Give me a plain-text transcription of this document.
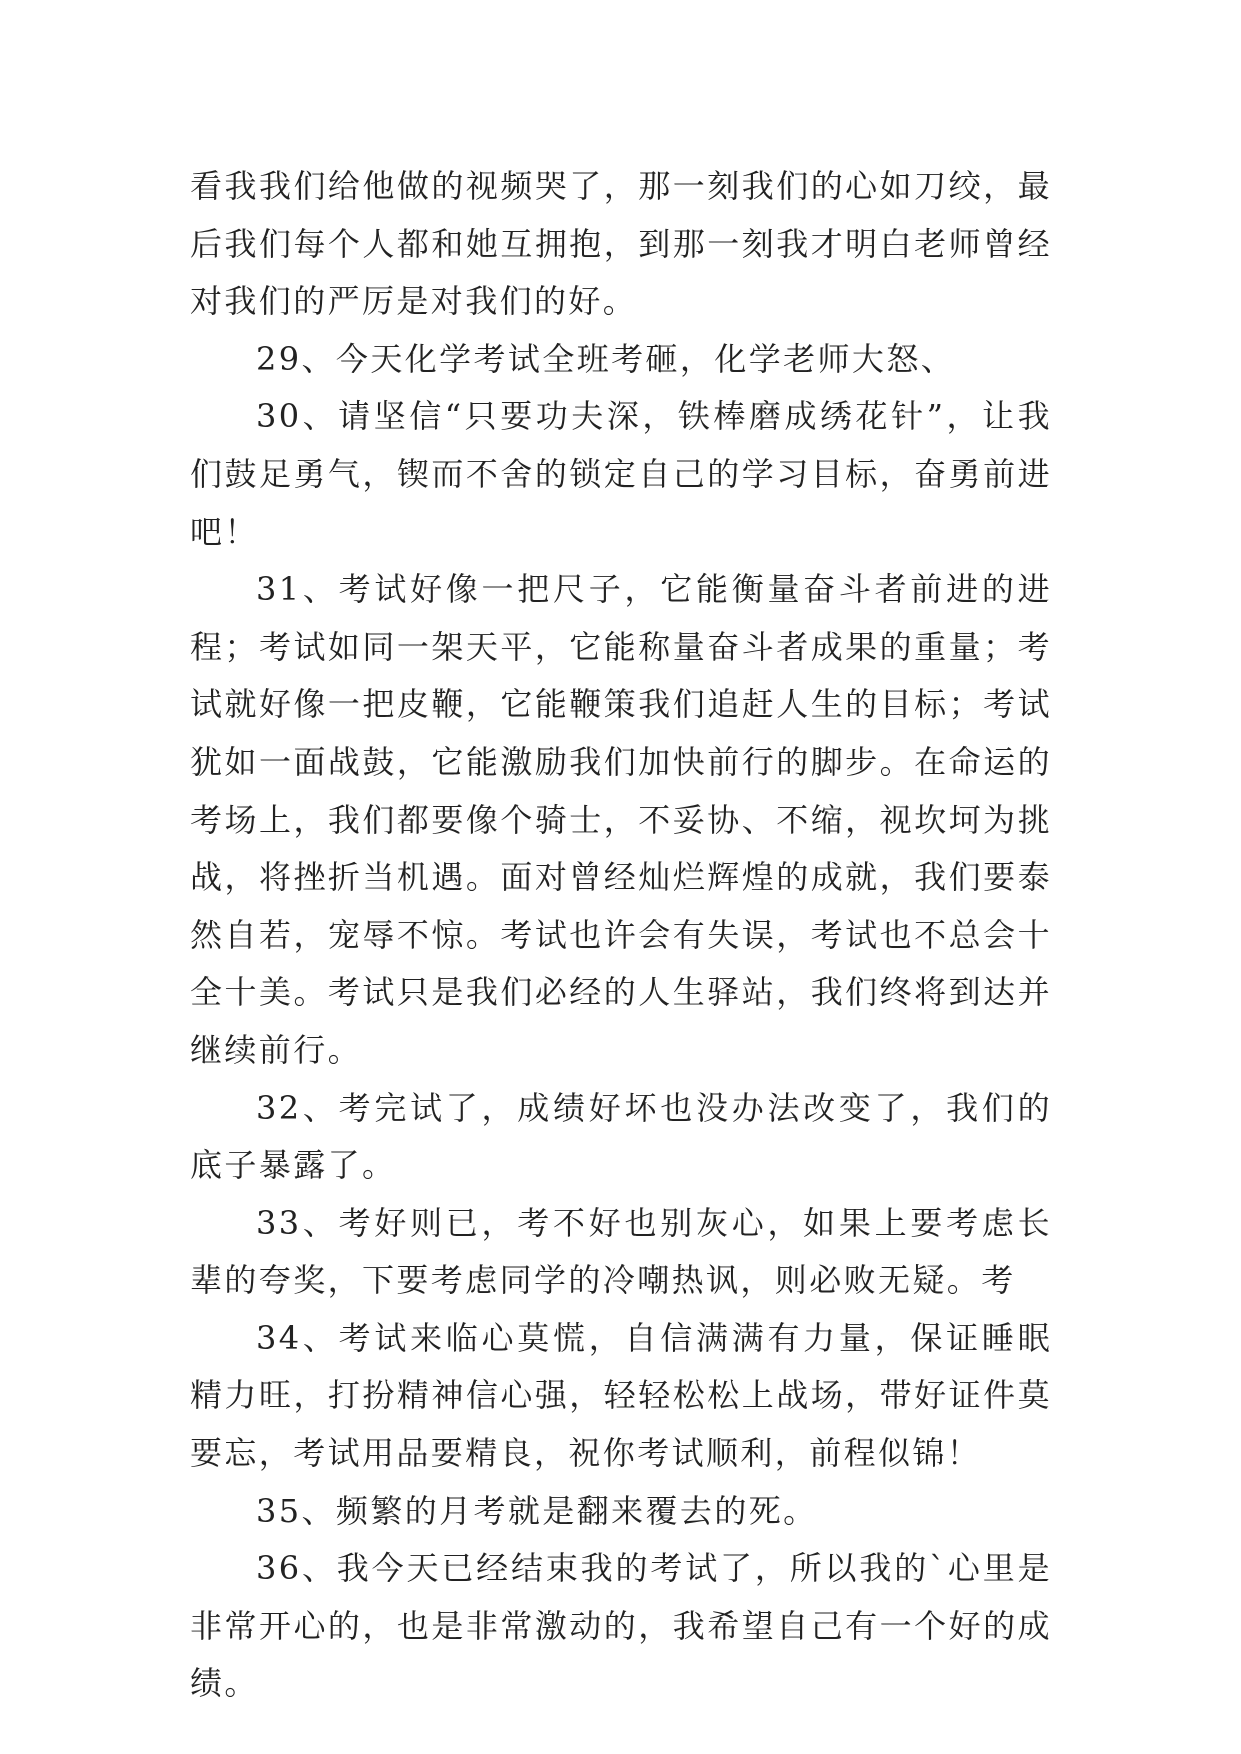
看我我们给他做的视频哭了，那一刻我们的心如刀绞，最后我们每个人都和她互拥抱，到那一刻我才明白老师曾经对我们的严厉是对我们的好。

29、今天化学考试全班考砸，化学老师大怒、

30、请坚信“只要功夫深，铁棒磨成绣花针”，让我们鼓足勇气，锲而不舍的锁定自己的学习目标，奋勇前进吧！

31、考试好像一把尺子，它能衡量奋斗者前进的进程；考试如同一架天平，它能称量奋斗者成果的重量；考试就好像一把皮鞭，它能鞭策我们追赶人生的目标；考试犹如一面战鼓，它能激励我们加快前行的脚步。在命运的考场上，我们都要像个骑士，不妥协、不缩，视坎坷为挑战，将挫折当机遇。面对曾经灿烂辉煌的成就，我们要泰然自若，宠辱不惊。考试也许会有失误，考试也不总会十全十美。考试只是我们必经的人生驿站，我们终将到达并继续前行。

32、考完试了，成绩好坏也没办法改变了，我们的底子暴露了。

33、考好则已，考不好也别灰心，如果上要考虑长辈的夸奖，下要考虑同学的冷嘲热讽，则必败无疑。考

34、考试来临心莫慌，自信满满有力量，保证睡眠精力旺，打扮精神信心强，轻轻松松上战场，带好证件莫要忘，考试用品要精良，祝你考试顺利，前程似锦！

35、频繁的月考就是翻来覆去的死。

36、我今天已经结束我的考试了，所以我的`心里是非常开心的，也是非常激动的，我希望自己有一个好的成绩。
